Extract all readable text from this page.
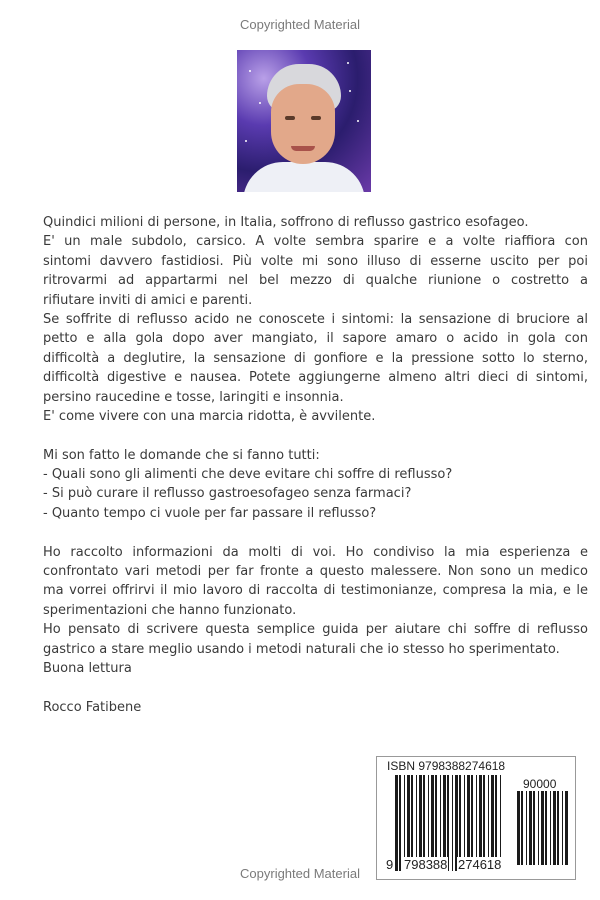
Copyrighted Material
Quindici milioni di persone, in Italia, soffrono di reflusso gastrico esofageo.
E' un male subdolo, carsico. A volte sembra sparire e a volte riaffiora con
sintomi davvero fastidiosi. Più volte mi sono illuso di esserne uscito per poi
ritrovarmi ad appartarmi nel bel mezzo di qualche riunione o costretto a
rifiutare inviti di amici e parenti.
Se soffrite di reflusso acido ne conoscete i sintomi: la sensazione di bruciore al
petto e alla gola dopo aver mangiato, il sapore amaro o acido in gola con
difficoltà a deglutire, la sensazione di gonfiore e la pressione sotto lo sterno,
difficoltà digestive e nausea. Potete aggiungerne almeno altri dieci di sintomi,
persino raucedine e tosse, laringiti e insonnia.
E' come vivere con una marcia ridotta, è avvilente.
Mi son fatto le domande che si fanno tutti:
- Quali sono gli alimenti che deve evitare chi soffre di reflusso?
- Si può curare il reflusso gastroesofageo senza farmaci?
- Quanto tempo ci vuole per far passare il reflusso?
Ho raccolto informazioni da molti di voi. Ho condiviso la mia esperienza e
confrontato vari metodi per far fronte a questo malessere. Non sono un medico
ma vorrei offrirvi il mio lavoro di raccolta di testimonianze, compresa la mia, e le
sperimentazioni che hanno funzionato.
Ho pensato di scrivere questa semplice guida per aiutare chi soffre di reflusso
gastrico a stare meglio usando i metodi naturali che io stesso ho sperimentato.
Buona lettura
Rocco Fatibene
Copyrighted Material
ISBN 9798388274618
90000
9 798388 274618
